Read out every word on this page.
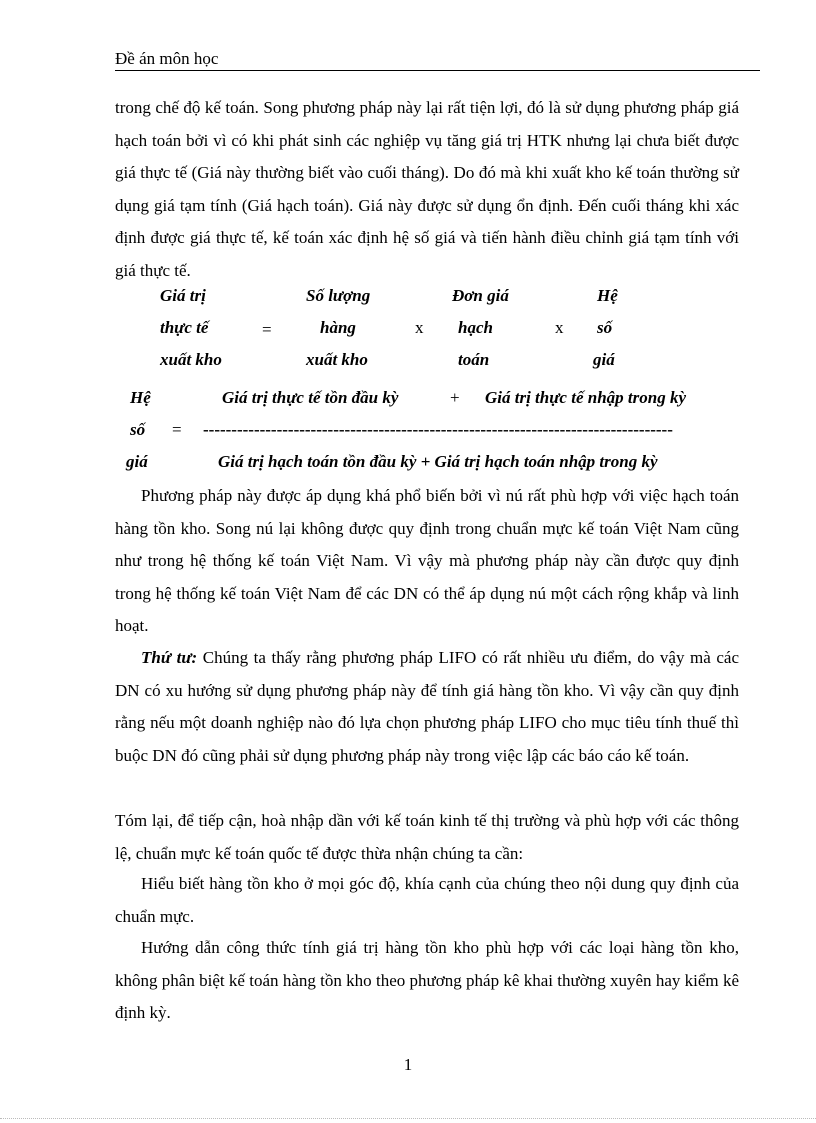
Đề án môn học
trong chế độ kế toán. Song phương pháp này lại rất tiện lợi, đó là sử dụng phương pháp giá hạch toán bởi vì có khi phát sinh các nghiệp vụ tăng giá trị HTK nhưng lại chưa biết được giá thực tế (Giá này thường biết vào cuối tháng). Do đó mà khi xuất kho kế toán thường sử dụng giá tạm tính (Giá hạch toán). Giá này được sử dụng ổn định. Đến cuối tháng khi xác định được giá thực tế, kế toán xác định hệ số giá và tiến hành điều chỉnh giá tạm tính với giá thực tế.
Giá trị
thực tế
xuất kho
=
Số lượng
hàng
xuất kho
x
Đơn giá
hạch
toán
x
Hệ
số
giá
Hệ
số
giá
=
Giá trị thực tế tồn đầu kỳ	+ Giá trị thực tế nhập trong kỳ
-----------------------------------------------------------------------------------
Giá trị hạch toán tồn đầu kỳ + Giá trị hạch toán nhập trong kỳ
Phương pháp này được áp dụng khá phổ biến bởi vì nú rất phù hợp với việc hạch toán hàng tồn kho. Song nú lại không được quy định trong chuẩn mực kế toán Việt Nam cũng như trong hệ thống kế toán Việt Nam. Vì vậy mà phương pháp này cần được quy định trong hệ thống kế toán Việt Nam để các DN có thể áp dụng nú một cách rộng khắp và linh hoạt.
Thứ tư: Chúng ta thấy rằng phương pháp LIFO có rất nhiều ưu điểm, do vậy mà các DN có xu hướng sử dụng phương pháp này để tính giá hàng tồn kho. Vì vậy cần quy định rằng nếu một doanh nghiệp nào đó lựa chọn phương pháp LIFO cho mục tiêu tính thuế thì buộc DN đó cũng phải sử dụng phương pháp này trong việc lập các báo cáo kế toán.
Tóm lại, để tiếp cận, hoà nhập dần với kế toán kinh tế thị trường và phù hợp với các thông lệ, chuẩn mực kế toán quốc tế được thừa nhận chúng ta cần:
Hiểu biết hàng tồn kho ở mọi góc độ, khía cạnh của chúng theo nội dung quy định của chuẩn mực.
Hướng dẫn công thức tính giá trị hàng tồn kho phù hợp với các loại hàng tồn kho, không phân biệt kế toán hàng tồn kho theo phương pháp kê khai thường xuyên hay kiểm kê định kỳ.
1
